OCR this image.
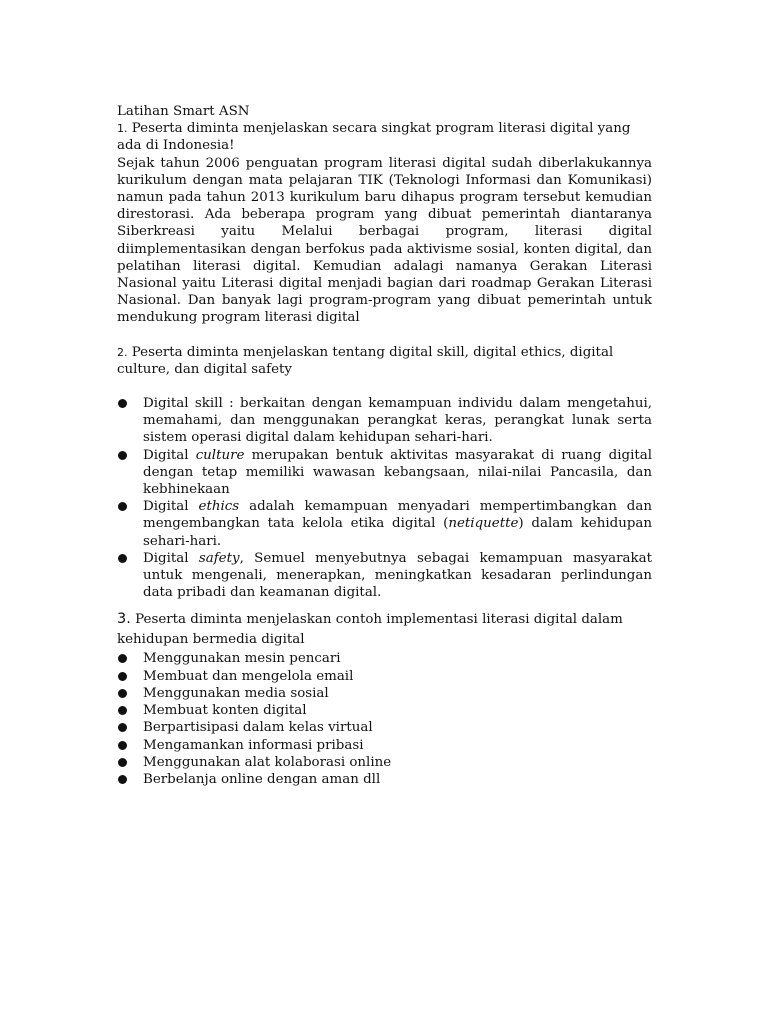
Latihan Smart ASN
1. Peserta diminta menjelaskan secara singkat program literasi digital yang ada di Indonesia!
Sejak tahun 2006 penguatan program literasi digital sudah diberlakukannya kurikulum dengan mata pelajaran TIK (Teknologi Informasi dan Komunikasi) namun pada tahun 2013 kurikulum baru dihapus program tersebut kemudian direstorasi. Ada beberapa program yang dibuat pemerintah diantaranya Siberkreasi yaitu Melalui berbagai program, literasi digital diimplementasikan dengan berfokus pada aktivisme sosial, konten digital, dan pelatihan literasi digital. Kemudian adalagi namanya Gerakan Literasi Nasional yaitu Literasi digital menjadi bagian dari roadmap Gerakan Literasi Nasional. Dan banyak lagi program-program yang dibuat pemerintah untuk mendukung program literasi digital
2. Peserta diminta menjelaskan tentang digital skill, digital ethics, digital culture, dan digital safety
Digital skill : berkaitan dengan kemampuan individu dalam mengetahui, memahami, dan menggunakan perangkat keras, perangkat lunak serta sistem operasi digital dalam kehidupan sehari-hari.
Digital culture merupakan bentuk aktivitas masyarakat di ruang digital dengan tetap memiliki wawasan kebangsaan, nilai-nilai Pancasila, dan kebhinekaan
Digital ethics adalah kemampuan menyadari mempertimbangkan dan mengembangkan tata kelola etika digital (netiquette) dalam kehidupan sehari-hari.
Digital safety, Semuel menyebutnya sebagai kemampuan masyarakat untuk mengenali, menerapkan, meningkatkan kesadaran perlindungan data pribadi dan keamanan digital.
3. Peserta diminta menjelaskan contoh implementasi literasi digital dalam kehidupan bermedia digital
Menggunakan mesin pencari
Membuat dan mengelola email
Menggunakan media sosial
Membuat konten digital
Berpartisipasi dalam kelas virtual
Mengamankan informasi pribasi
Menggunakan alat kolaborasi online
Berbelanja online dengan aman dll
